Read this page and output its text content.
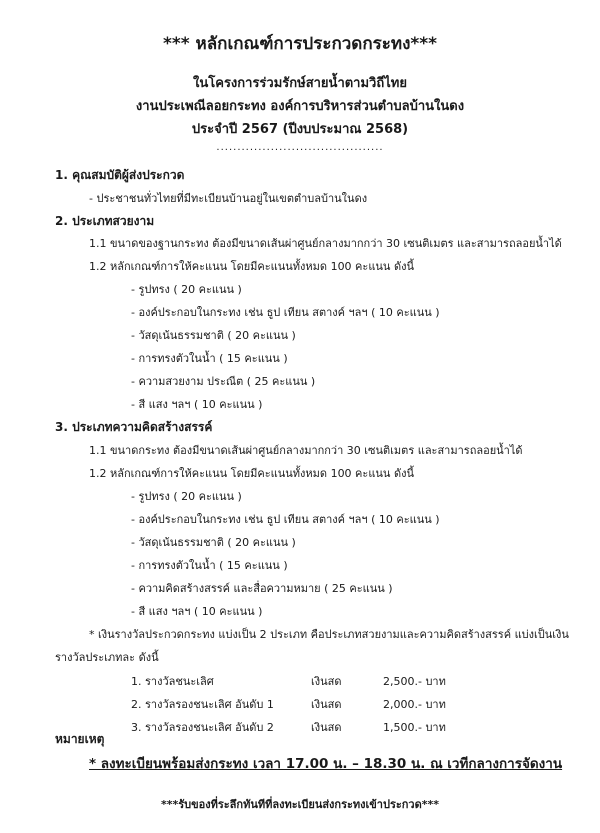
*** หลักเกณฑ์การประกวดกระทง***
ในโครงการร่วมรักษ์สายน้ำตามวิถีไทย
งานประเพณีลอยกระทง องค์การบริหารส่วนตำบลบ้านในดง
ประจำปี 2567 (ปีงบประมาณ 2568)
........................................
1. คุณสมบัติผู้ส่งประกวด
- ประชาชนทั่วไทยที่มีทะเบียนบ้านอยู่ในเขตตำบลบ้านในดง
2. ประเภทสวยงาม
1.1 ขนาดของฐานกระทง ต้องมีขนาดเส้นผ่าศูนย์กลางมากกว่า 30 เซนติเมตร และสามารถลอยน้ำได้
1.2 หลักเกณฑ์การให้คะแนน โดยมีคะแนนทั้งหมด 100 คะแนน ดังนี้
- รูปทรง ( 20 คะแนน )
- องค์ประกอบในกระทง เช่น ธูป เทียน สตางค์ ฯลฯ ( 10 คะแนน )
- วัสดุเน้นธรรมชาติ ( 20 คะแนน )
- การทรงตัวในน้ำ ( 15 คะแนน )
- ความสวยงาม ประณีต ( 25 คะแนน )
- สี แสง ฯลฯ ( 10 คะแนน )
3. ประเภทความคิดสร้างสรรค์
1.1 ขนาดกระทง ต้องมีขนาดเส้นผ่าศูนย์กลางมากกว่า 30 เซนติเมตร และสามารถลอยน้ำได้
1.2 หลักเกณฑ์การให้คะแนน โดยมีคะแนนทั้งหมด 100 คะแนน ดังนี้
- รูปทรง ( 20 คะแนน )
- องค์ประกอบในกระทง เช่น ธูป เทียน สตางค์ ฯลฯ ( 10 คะแนน )
- วัสดุเน้นธรรมชาติ ( 20 คะแนน )
- การทรงตัวในน้ำ ( 15 คะแนน )
- ความคิดสร้างสรรค์ และสื่อความหมาย ( 25 คะแนน )
- สี แสง ฯลฯ ( 10 คะแนน )
* เงินรางวัลประกวดกระทง แบ่งเป็น 2 ประเภท คือประเภทสวยงามและความคิดสร้างสรรค์ แบ่งเป็นเงิน
รางวัลประเภทละ ดังนี้
1. รางวัลชนะเลิศ	เงินสด	2,500.- บาท
2. รางวัลรองชนะเลิศ อันดับ 1	เงินสด	2,000.- บาท
3. รางวัลรองชนะเลิศ อันดับ 2	เงินสด	1,500.- บาท
หมายเหตุ
* ลงทะเบียนพร้อมส่งกระทง เวลา 17.00 น. – 18.30 น. ณ เวทีกลางการจัดงาน
***รับของที่ระลึกทันทีที่ลงทะเบียนส่งกระทงเข้าประกวด***
